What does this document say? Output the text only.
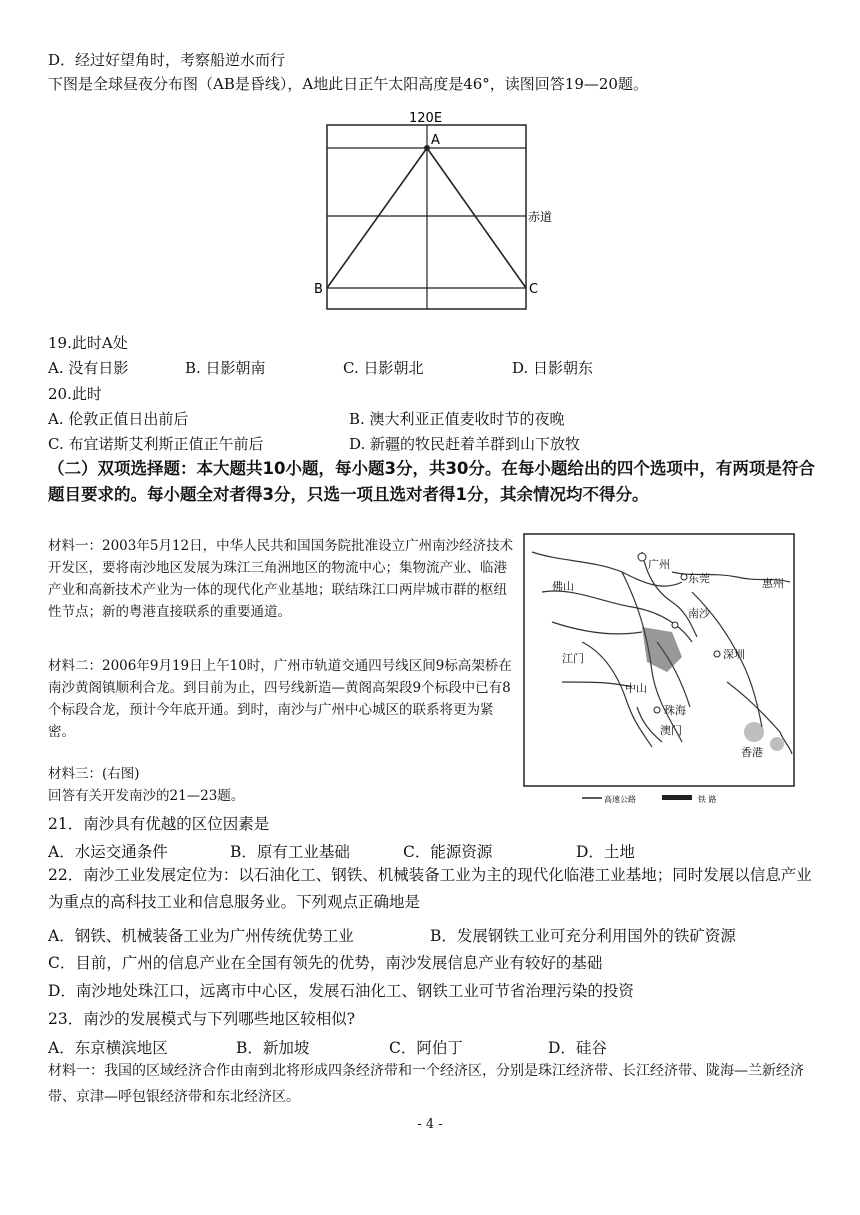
D．经过好望角时，考察船逆水而行
下图是全球昼夜分布图（AB是昏线），A地此日正午太阳高度是46°，读图回答19—20题。
120E
A
B	C
赤道
19.此时A处
A. 没有日影	B. 日影朝南	C. 日影朝北	D. 日影朝东
20.此时
A. 伦敦正值日出前后	B. 澳大利亚正值麦收时节的夜晚
C. 布宜诺斯艾利斯正值正午前后	D. 新疆的牧民赶着羊群到山下放牧
（二）双项选择题：本大题共10小题，每小题3分，共30分。在每小题给出的四个选项中，有两项是符合题目要求的。每小题全对者得3分，只选一项且选对者得1分，其余情况均不得分。
材料一：2003年5月12日，中华人民共和国国务院批准设立广州南沙经济技术开发区，要将南沙地区发展为珠江三角洲地区的物流中心；集物流产业、临港产业和高新技术产业为一体的现代化产业基地；联结珠江口两岸城市群的枢纽性节点；新的粤港直接联系的重要通道。
材料二：2006年9月19日上午10时，广州市轨道交通四号线区间9标高架桥在南沙黄阁镇顺利合龙。到目前为止，四号线新造—黄阁高架段9个标段中已有8个标段合龙，预计今年底开通。到时，南沙与广州中心城区的联系将更为紧密。
材料三：(右图)
回答有关开发南沙的21—23题。
广州
佛山
东莞	惠州
南沙
江门	深圳
中山
珠海
澳门
香港
高速公路	铁 路
21．南沙具有优越的区位因素是
A．水运交通条件	B．原有工业基础	C．能源资源	D．土地
22．南沙工业发展定位为：以石油化工、钢铁、机械装备工业为主的现代化临港工业基地；同时发展以信息产业为重点的高科技工业和信息服务业。下列观点正确地是
A．钢铁、机械装备工业为广州传统优势工业	B．发展钢铁工业可充分利用国外的铁矿资源
C．目前，广州的信息产业在全国有领先的优势，南沙发展信息产业有较好的基础
D．南沙地处珠江口，远离市中心区，发展石油化工、钢铁工业可节省治理污染的投资
23．南沙的发展模式与下列哪些地区较相似?
A．东京横滨地区	B．新加坡	C．阿伯丁	D．硅谷
材料一：我国的区域经济合作由南到北将形成四条经济带和一个经济区，分别是珠江经济带、长江经济带、陇海—兰新经济带、京津—呼包银经济带和东北经济区。
- 4 -
